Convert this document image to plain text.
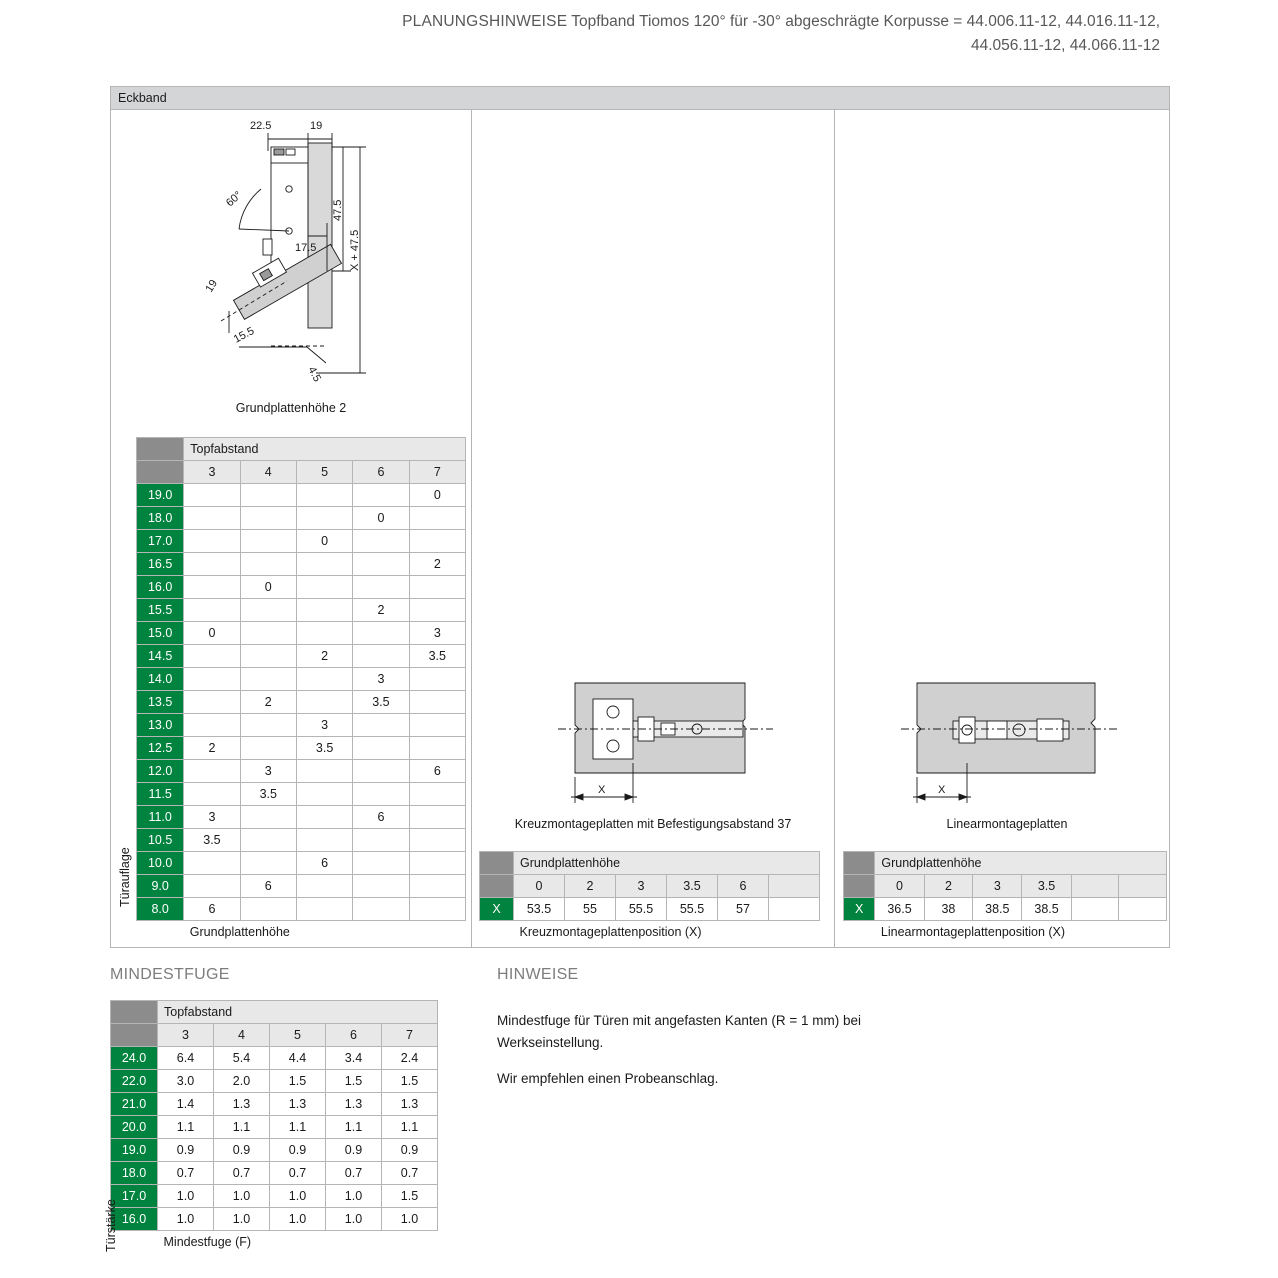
PLANUNGSHINWEISE Topfband Tiomos 120° für -30° abgeschrägte Korpusse = 44.006.11-12, 44.016.11-12,
44.056.11-12, 44.066.11-12
Eckband
22.5	19
60°
19
17.5
47.5
X + 47.5
15.5
4.5
Grundplattenhöhe 2
Türauflage
	Topfabstand				
	3	4	5	6	7
19.0					0
18.0				0	
17.0			0		
16.5					2
16.0		0			
15.5				2	
15.0	0				3
14.5			2		3.5
14.0				3	
13.5		2		3.5	
13.0			3		
12.5	2		3.5		
12.0		3			6
11.5		3.5			
11.0	3			6	
10.5	3.5				
10.0			6		
9.0		6			
8.0	6				
	Grundplattenhöhe				
X
Kreuzmontageplatten mit Befestigungsabstand 37
	Grundplattenhöhe					
	0	2	3	3.5	6	
X	53.5	55	55.5	55.5	57	
	Kreuzmontageplattenposition (X)					
X
Linearmontageplatten
	Grundplattenhöhe					
	0	2	3	3.5		
X	36.5	38	38.5	38.5		
	Linearmontageplattenposition (X)					
MINDESTFUGE
Türstärke
	Topfabstand				
	3	4	5	6	7
24.0	6.4	5.4	4.4	3.4	2.4
22.0	3.0	2.0	1.5	1.5	1.5
21.0	1.4	1.3	1.3	1.3	1.3
20.0	1.1	1.1	1.1	1.1	1.1
19.0	0.9	0.9	0.9	0.9	0.9
18.0	0.7	0.7	0.7	0.7	0.7
17.0	1.0	1.0	1.0	1.0	1.5
16.0	1.0	1.0	1.0	1.0	1.0
	Mindestfuge (F)				
HINWEISE

Mindestfuge für Türen mit angefasten Kanten (R = 1 mm) bei Werkseinstellung.

Wir empfehlen einen Probeanschlag.
